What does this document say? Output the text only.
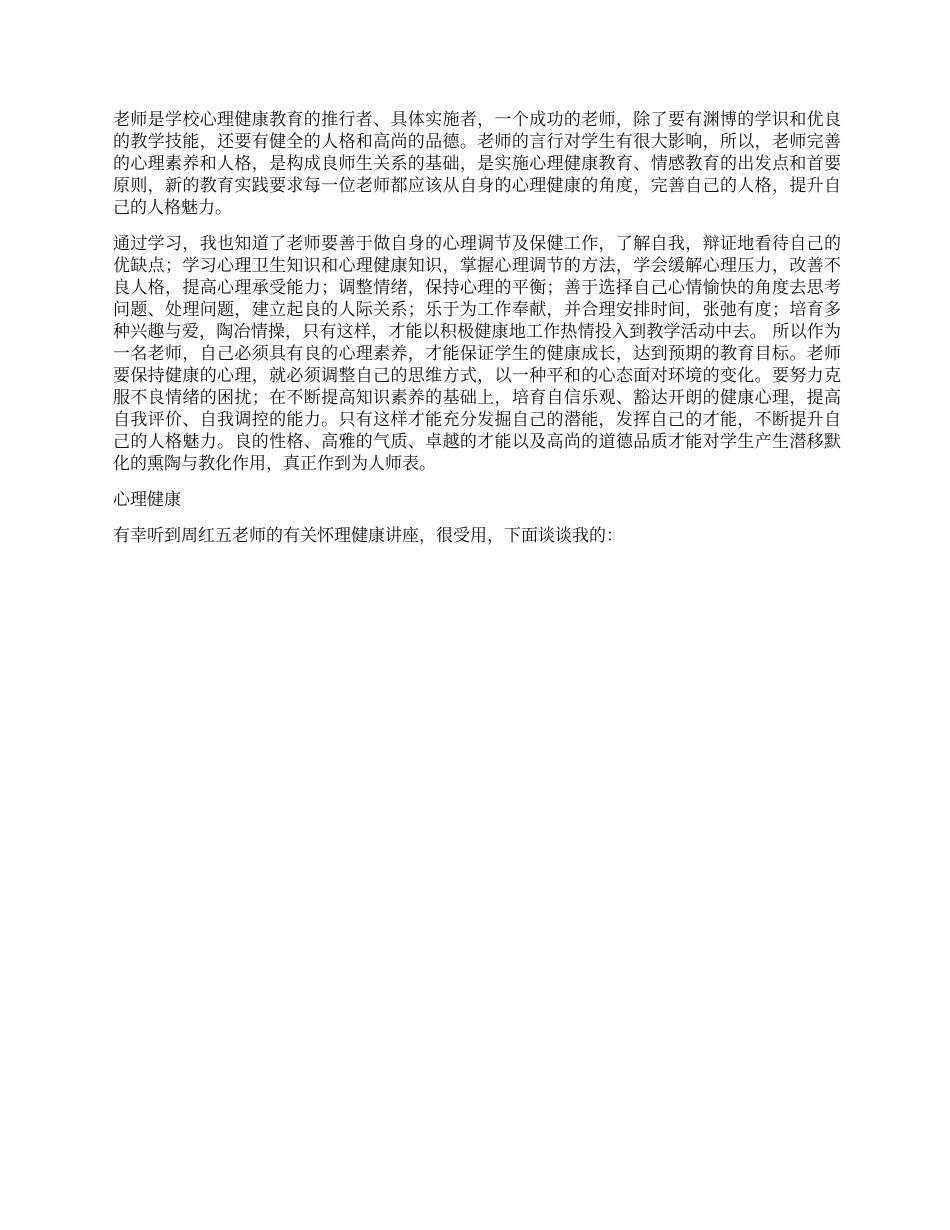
老师是学校心理健康教育的推行者、具体实施者，一个成功的老师，除了要有渊博的学识和优良的教学技能，还要有健全的人格和高尚的品德。老师的言行对学生有很大影响，所以，老师完善的心理素养和人格，是构成良师生关系的基础，是实施心理健康教育、情感教育的出发点和首要原则，新的教育实践要求每一位老师都应该从自身的心理健康的角度，完善自己的人格，提升自己的人格魅力。

通过学习，我也知道了老师要善于做自身的心理调节及保健工作，了解自我，辩证地看待自己的优缺点；学习心理卫生知识和心理健康知识，掌握心理调节的方法，学会缓解心理压力，改善不良人格，提高心理承受能力；调整情绪，保持心理的平衡；善于选择自己心情愉快的角度去思考问题、处理问题，建立起良的人际关系；乐于为工作奉献，并合理安排时间，张弛有度；培育多种兴趣与爱，陶冶情操，只有这样，才能以积极健康地工作热情投入到教学活动中去。 所以作为一名老师，自己必须具有良的心理素养，才能保证学生的健康成长，达到预期的教育目标。老师要保持健康的心理，就必须调整自己的思维方式，以一种平和的心态面对环境的变化。要努力克服不良情绪的困扰；在不断提高知识素养的基础上，培育自信乐观、豁达开朗的健康心理，提高自我评价、自我调控的能力。只有这样才能充分发掘自己的潜能，发挥自己的才能，不断提升自己的人格魅力。良的性格、高雅的气质、卓越的才能以及高尚的道德品质才能对学生产生潜移默化的熏陶与教化作用，真正作到为人师表。

心理健康

有幸听到周红五老师的有关怀理健康讲座，很受用，下面谈谈我的：
